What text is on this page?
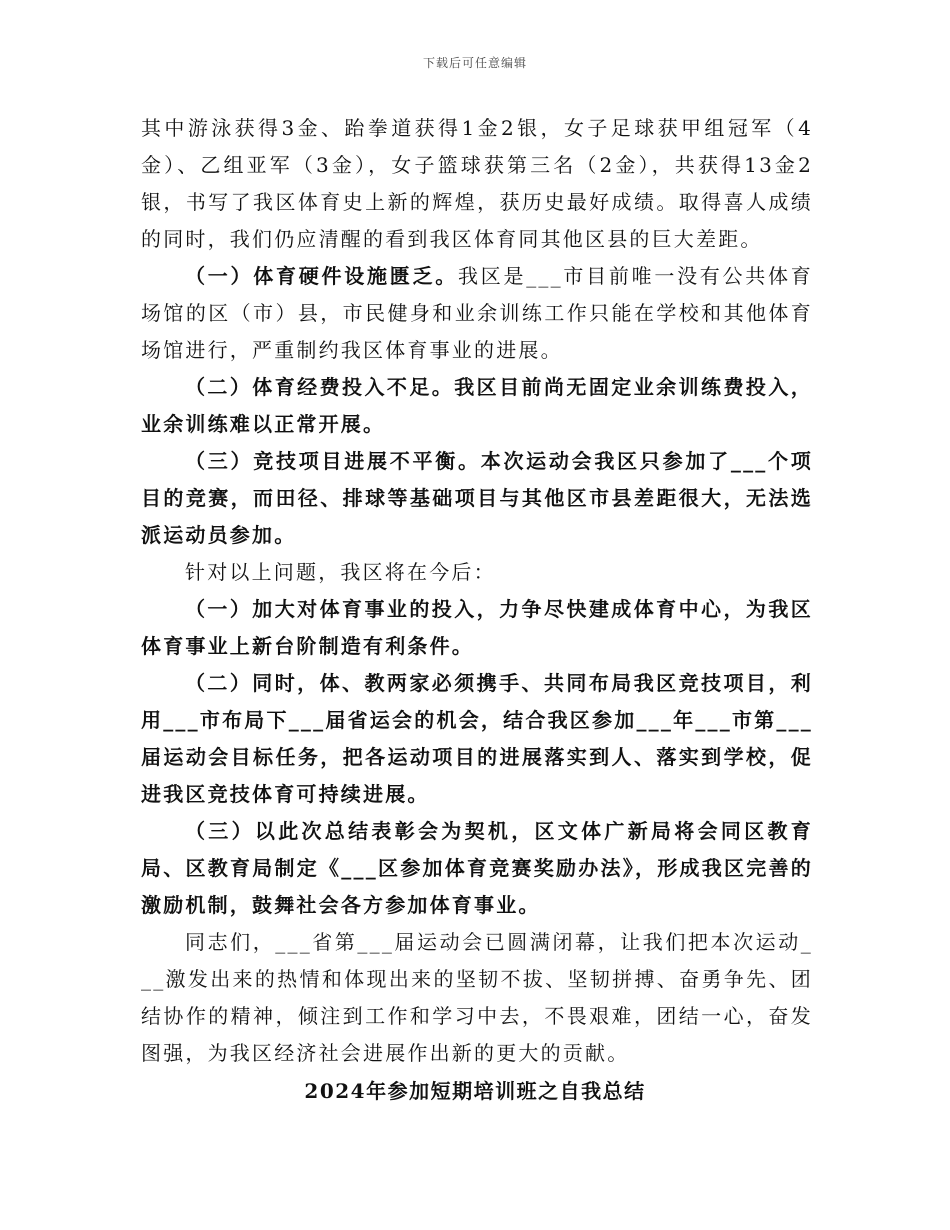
下载后可任意编辑

其中游泳获得3金、跆拳道获得1金2银，女子足球获甲组冠军（4金）、乙组亚军（3金），女子篮球获第三名（2金），共获得13金2银，书写了我区体育史上新的辉煌，获历史最好成绩。取得喜人成绩的同时，我们仍应清醒的看到我区体育同其他区县的巨大差距。

（一）体育硬件设施匮乏。我区是___市目前唯一没有公共体育场馆的区（市）县，市民健身和业余训练工作只能在学校和其他体育场馆进行，严重制约我区体育事业的进展。

（二）体育经费投入不足。我区目前尚无固定业余训练费投入，业余训练难以正常开展。

（三）竞技项目进展不平衡。本次运动会我区只参加了___个项目的竞赛，而田径、排球等基础项目与其他区市县差距很大，无法选派运动员参加。

针对以上问题，我区将在今后：

（一）加大对体育事业的投入，力争尽快建成体育中心，为我区体育事业上新台阶制造有利条件。

（二）同时，体、教两家必须携手、共同布局我区竞技项目，利用___市布局下___届省运会的机会，结合我区参加___年___市第___届运动会目标任务，把各运动项目的进展落实到人、落实到学校，促进我区竞技体育可持续进展。

（三）以此次总结表彰会为契机，区文体广新局将会同区教育局、区教育局制定《___区参加体育竞赛奖励办法》，形成我区完善的激励机制，鼓舞社会各方参加体育事业。

同志们，___省第___届运动会已圆满闭幕，让我们把本次运动___激发出来的热情和体现出来的坚韧不拔、坚韧拼搏、奋勇争先、团结协作的精神，倾注到工作和学习中去，不畏艰难，团结一心，奋发图强，为我区经济社会进展作出新的更大的贡献。

2024年参加短期培训班之自我总结
